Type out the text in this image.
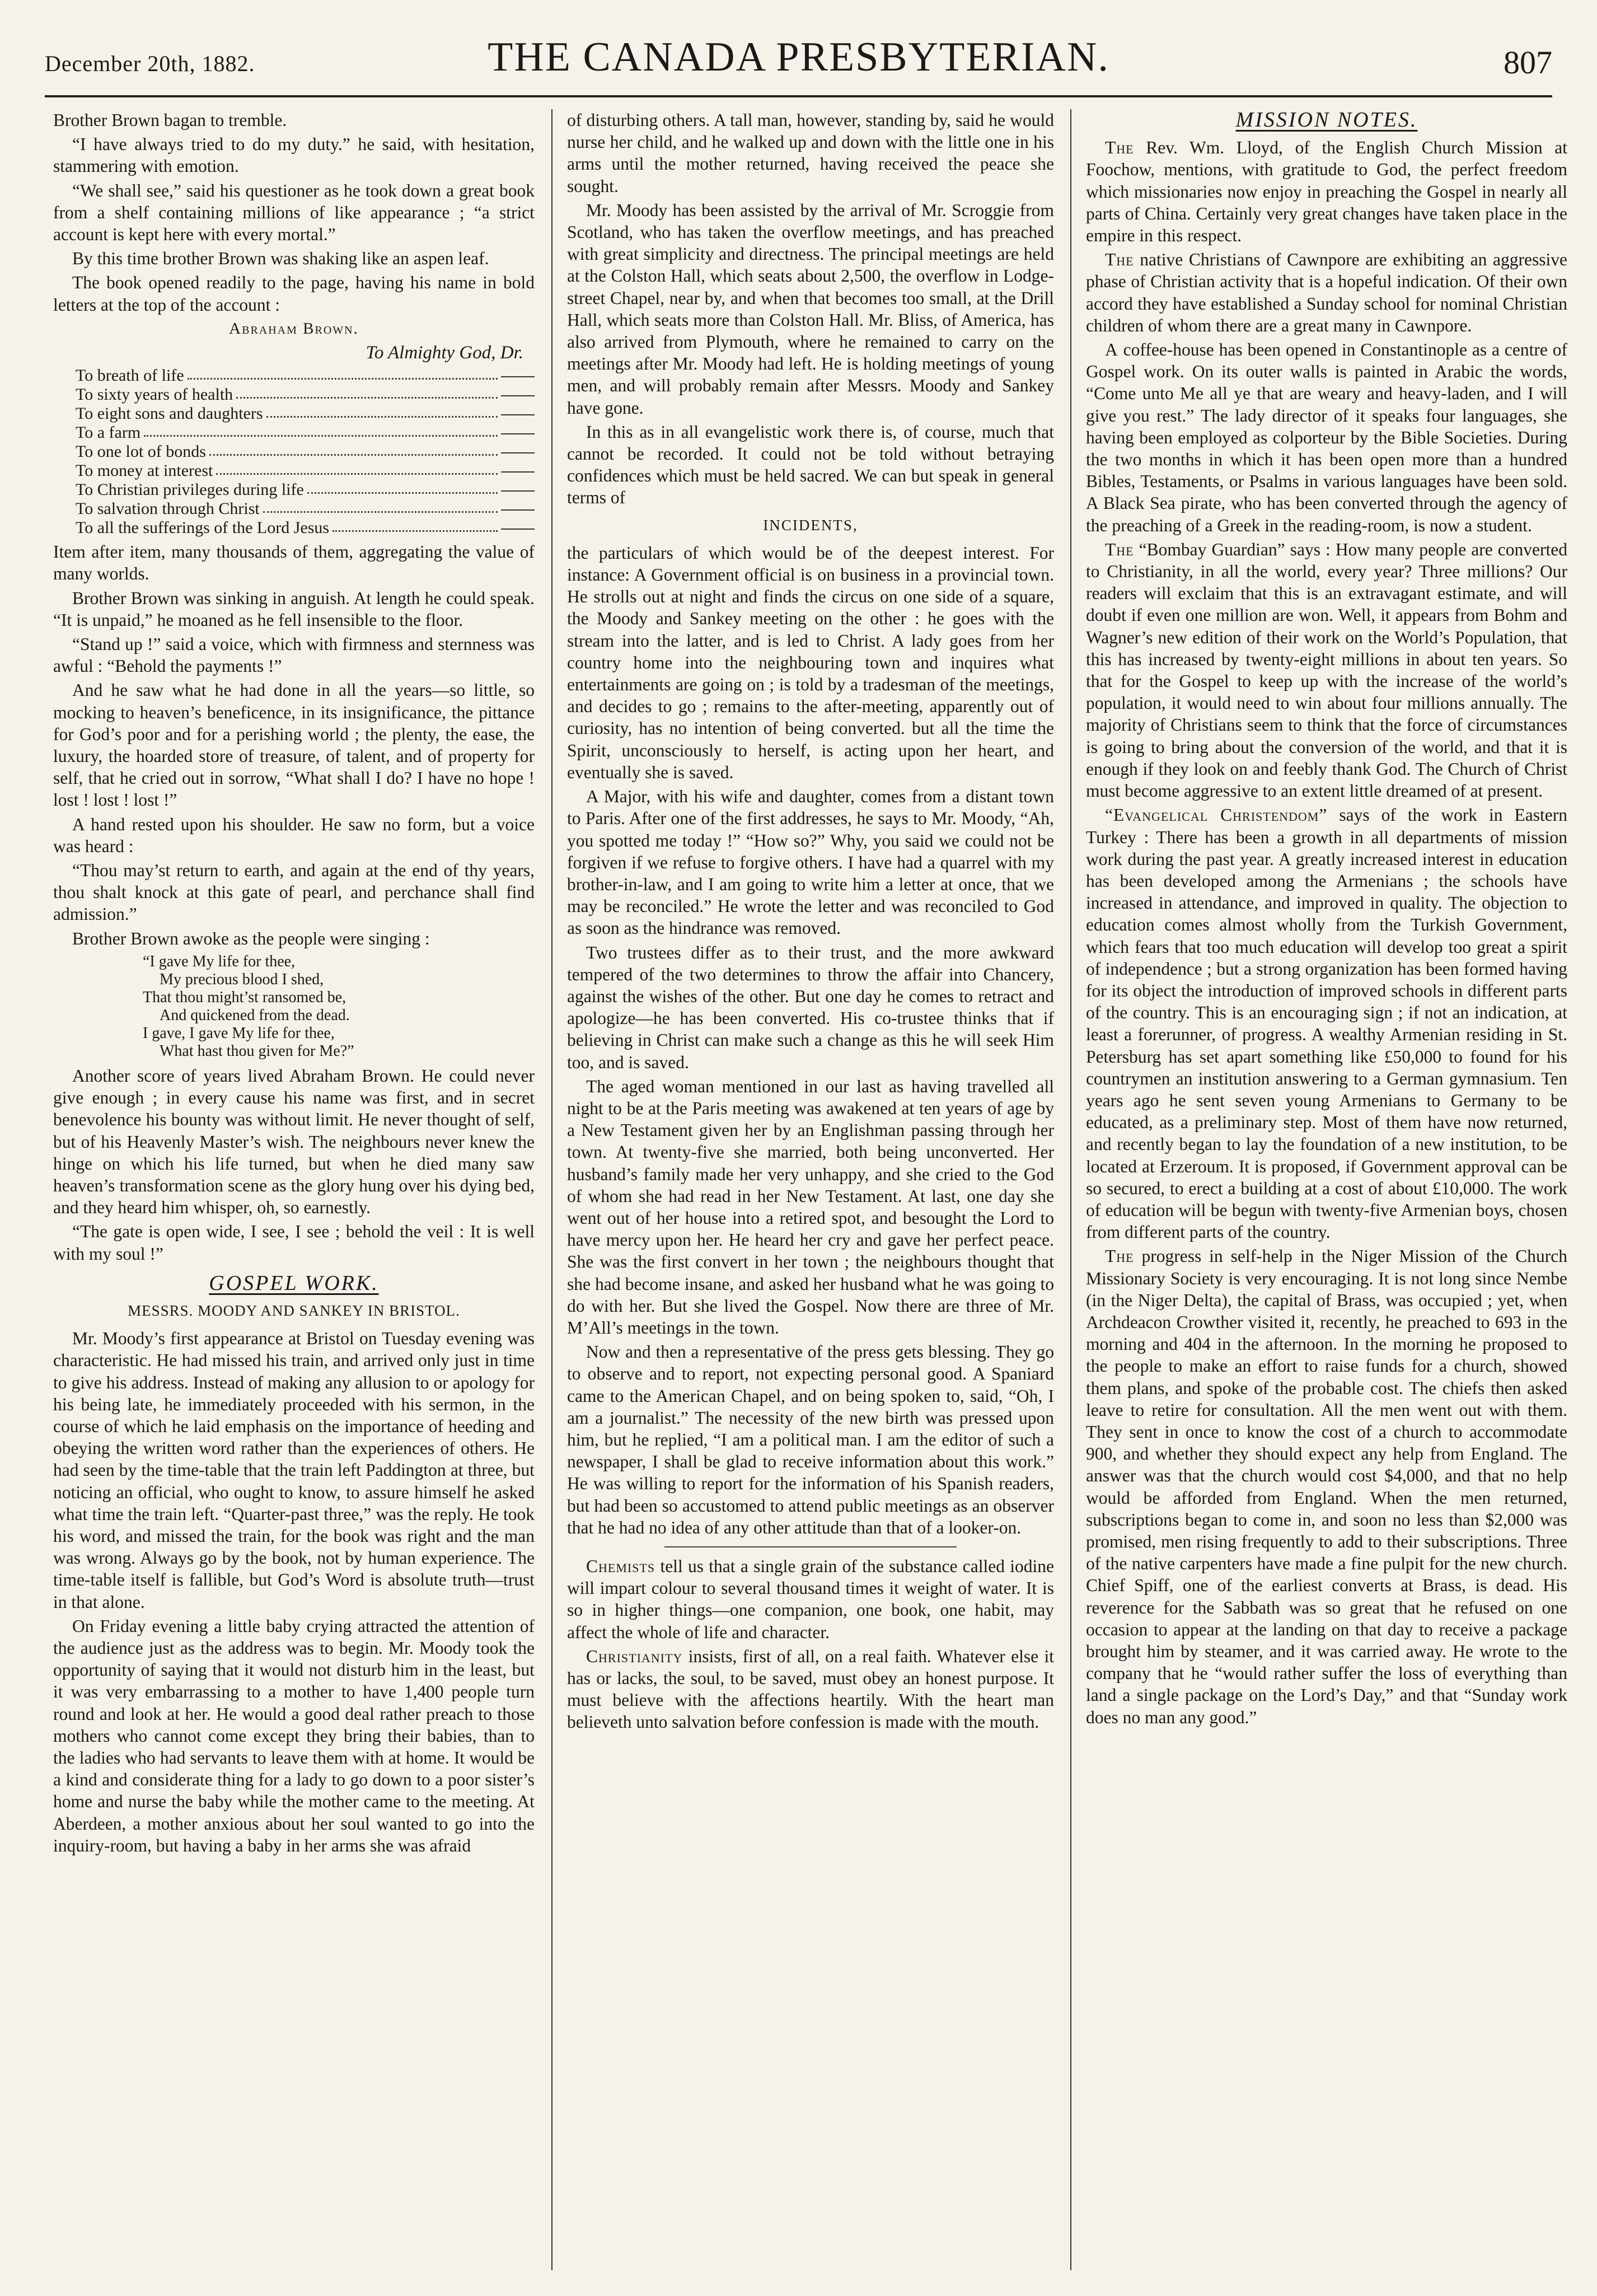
December 20th, 1882.	THE CANADA PRESBYTERIAN.	807

Brother Brown bagan to tremble.

“I have always tried to do my duty.” he said, with hesitation, stammering with emotion.

“We shall see,” said his questioner as he took down a great book from a shelf containing millions of like appearance ; “a strict account is kept here with every mortal.”

By this time brother Brown was shaking like an aspen leaf.

The book opened readily to the page, having his name in bold letters at the top of the account :

Abraham Brown.
To Almighty God, Dr.
To breath of life
To sixty years of health
To eight sons and daughters
To a farm
To one lot of bonds
To money at interest
To Christian privileges during life
To salvation through Christ
To all the sufferings of the Lord Jesus

Item after item, many thousands of them, aggregating the value of many worlds.

Brother Brown was sinking in anguish. At length he could speak. “It is unpaid,” he moaned as he fell insensible to the floor.

“Stand up !” said a voice, which with firmness and sternness was awful : “Behold the payments !”

And he saw what he had done in all the years—so little, so mocking to heaven’s beneficence, in its insignificance, the pittance for God’s poor and for a perishing world ; the plenty, the ease, the luxury, the hoarded store of treasure, of talent, and of property for self, that he cried out in sorrow, “What shall I do? I have no hope ! lost ! lost ! lost !”

A hand rested upon his shoulder. He saw no form, but a voice was heard :

“Thou may’st return to earth, and again at the end of thy years, thou shalt knock at this gate of pearl, and perchance shall find admission.”

Brother Brown awoke as the people were singing :

“I gave My life for thee,
My precious blood I shed,
That thou might’st ransomed be,
And quickened from the dead.
I gave, I gave My life for thee,
What hast thou given for Me?”

Another score of years lived Abraham Brown. He could never give enough ; in every cause his name was first, and in secret benevolence his bounty was without limit. He never thought of self, but of his Heavenly Master’s wish. The neighbours never knew the hinge on which his life turned, but when he died many saw heaven’s transformation scene as the glory hung over his dying bed, and they heard him whisper, oh, so earnestly.

“The gate is open wide, I see, I see ; behold the veil : It is well with my soul !”

GOSPEL WORK.
MESSRS. MOODY AND SANKEY IN BRISTOL.

Mr. Moody’s first appearance at Bristol on Tuesday evening was characteristic. He had missed his train, and arrived only just in time to give his address. Instead of making any allusion to or apology for his being late, he immediately proceeded with his sermon, in the course of which he laid emphasis on the importance of heeding and obeying the written word rather than the experiences of others. He had seen by the time-table that the train left Paddington at three, but noticing an official, who ought to know, to assure himself he asked what time the train left. “Quarter-past three,” was the reply. He took his word, and missed the train, for the book was right and the man was wrong. Always go by the book, not by human experience. The time-table itself is fallible, but God’s Word is absolute truth—trust in that alone.

On Friday evening a little baby crying attracted the attention of the audience just as the address was to begin. Mr. Moody took the opportunity of saying that it would not disturb him in the least, but it was very embarrassing to a mother to have 1,400 people turn round and look at her. He would a good deal rather preach to those mothers who cannot come except they bring their babies, than to the ladies who had servants to leave them with at home. It would be a kind and considerate thing for a lady to go down to a poor sister’s home and nurse the baby while the mother came to the meeting. At Aberdeen, a mother anxious about her soul wanted to go into the inquiry-room, but having a baby in her arms she was afraid

of disturbing others. A tall man, however, standing by, said he would nurse her child, and he walked up and down with the little one in his arms until the mother returned, having received the peace she sought.

Mr. Moody has been assisted by the arrival of Mr. Scroggie from Scotland, who has taken the overflow meetings, and has preached with great simplicity and directness. The principal meetings are held at the Colston Hall, which seats about 2,500, the overflow in Lodge-street Chapel, near by, and when that becomes too small, at the Drill Hall, which seats more than Colston Hall. Mr. Bliss, of America, has also arrived from Plymouth, where he remained to carry on the meetings after Mr. Moody had left. He is holding meetings of young men, and will probably remain after Messrs. Moody and Sankey have gone.

In this as in all evangelistic work there is, of course, much that cannot be recorded. It could not be told without betraying confidences which must be held sacred. We can but speak in general terms of

INCIDENTS,

the particulars of which would be of the deepest interest. For instance: A Government official is on business in a provincial town. He strolls out at night and finds the circus on one side of a square, the Moody and Sankey meeting on the other : he goes with the stream into the latter, and is led to Christ. A lady goes from her country home into the neighbouring town and inquires what entertainments are going on ; is told by a tradesman of the meetings, and decides to go ; remains to the after-meeting, apparently out of curiosity, has no intention of being converted. but all the time the Spirit, unconsciously to herself, is acting upon her heart, and eventually she is saved.

A Major, with his wife and daughter, comes from a distant town to Paris. After one of the first addresses, he says to Mr. Moody, “Ah, you spotted me today !” “How so?” Why, you said we could not be forgiven if we refuse to forgive others. I have had a quarrel with my brother-in-law, and I am going to write him a letter at once, that we may be reconciled.” He wrote the letter and was reconciled to God as soon as the hindrance was removed.

Two trustees differ as to their trust, and the more awkward tempered of the two determines to throw the affair into Chancery, against the wishes of the other. But one day he comes to retract and apologize—he has been converted. His co-trustee thinks that if believing in Christ can make such a change as this he will seek Him too, and is saved.

The aged woman mentioned in our last as having travelled all night to be at the Paris meeting was awakened at ten years of age by a New Testament given her by an Englishman passing through her town. At twenty-five she married, both being unconverted. Her husband’s family made her very unhappy, and she cried to the God of whom she had read in her New Testament. At last, one day she went out of her house into a retired spot, and besought the Lord to have mercy upon her. He heard her cry and gave her perfect peace. She was the first convert in her town ; the neighbours thought that she had become insane, and asked her husband what he was going to do with her. But she lived the Gospel. Now there are three of Mr. M’All’s meetings in the town.

Now and then a representative of the press gets blessing. They go to observe and to report, not expecting personal good. A Spaniard came to the American Chapel, and on being spoken to, said, “Oh, I am a journalist.” The necessity of the new birth was pressed upon him, but he replied, “I am a political man. I am the editor of such a newspaper, I shall be glad to receive information about this work.” He was willing to report for the information of his Spanish readers, but had been so accustomed to attend public meetings as an observer that he had no idea of any other attitude than that of a looker-on.

Chemists tell us that a single grain of the substance called iodine will impart colour to several thousand times it weight of water. It is so in higher things—one companion, one book, one habit, may affect the whole of life and character.

Christianity insists, first of all, on a real faith. Whatever else it has or lacks, the soul, to be saved, must obey an honest purpose. It must believe with the affections heartily. With the heart man believeth unto salvation before confession is made with the mouth.

MISSION NOTES.

The Rev. Wm. Lloyd, of the English Church Mission at Foochow, mentions, with gratitude to God, the perfect freedom which missionaries now enjoy in preaching the Gospel in nearly all parts of China. Certainly very great changes have taken place in the empire in this respect.

The native Christians of Cawnpore are exhibiting an aggressive phase of Christian activity that is a hopeful indication. Of their own accord they have established a Sunday school for nominal Christian children of whom there are a great many in Cawnpore.

A coffee-house has been opened in Constantinople as a centre of Gospel work. On its outer walls is painted in Arabic the words, “Come unto Me all ye that are weary and heavy-laden, and I will give you rest.” The lady director of it speaks four languages, she having been employed as colporteur by the Bible Societies. During the two months in which it has been open more than a hundred Bibles, Testaments, or Psalms in various languages have been sold. A Black Sea pirate, who has been converted through the agency of the preaching of a Greek in the reading-room, is now a student.

The “Bombay Guardian” says : How many people are converted to Christianity, in all the world, every year? Three millions? Our readers will exclaim that this is an extravagant estimate, and will doubt if even one million are won. Well, it appears from Bohm and Wagner’s new edition of their work on the World’s Population, that this has increased by twenty-eight millions in about ten years. So that for the Gospel to keep up with the increase of the world’s population, it would need to win about four millions annually. The majority of Christians seem to think that the force of circumstances is going to bring about the conversion of the world, and that it is enough if they look on and feebly thank God. The Church of Christ must become aggressive to an extent little dreamed of at present.

“Evangelical Christendom” says of the work in Eastern Turkey : There has been a growth in all departments of mission work during the past year. A greatly increased interest in education has been developed among the Armenians ; the schools have increased in attendance, and improved in quality. The objection to education comes almost wholly from the Turkish Government, which fears that too much education will develop too great a spirit of independence ; but a strong organization has been formed having for its object the introduction of improved schools in different parts of the country. This is an encouraging sign ; if not an indication, at least a forerunner, of progress. A wealthy Armenian residing in St. Petersburg has set apart something like £50,000 to found for his countrymen an institution answering to a German gymnasium. Ten years ago he sent seven young Armenians to Germany to be educated, as a preliminary step. Most of them have now returned, and recently began to lay the foundation of a new institution, to be located at Erzeroum. It is proposed, if Government approval can be so secured, to erect a building at a cost of about £10,000. The work of education will be begun with twenty-five Armenian boys, chosen from different parts of the country.

The progress in self-help in the Niger Mission of the Church Missionary Society is very encouraging. It is not long since Nembe (in the Niger Delta), the capital of Brass, was occupied ; yet, when Archdeacon Crowther visited it, recently, he preached to 693 in the morning and 404 in the afternoon. In the morning he proposed to the people to make an effort to raise funds for a church, showed them plans, and spoke of the probable cost. The chiefs then asked leave to retire for consultation. All the men went out with them. They sent in once to know the cost of a church to accommodate 900, and whether they should expect any help from England. The answer was that the church would cost $4,000, and that no help would be afforded from England. When the men returned, subscriptions began to come in, and soon no less than $2,000 was promised, men rising frequently to add to their subscriptions. Three of the native carpenters have made a fine pulpit for the new church. Chief Spiff, one of the earliest converts at Brass, is dead. His reverence for the Sabbath was so great that he refused on one occasion to appear at the landing on that day to receive a package brought him by steamer, and it was carried away. He wrote to the company that he “would rather suffer the loss of everything than land a single package on the Lord’s Day,” and that “Sunday work does no man any good.”
